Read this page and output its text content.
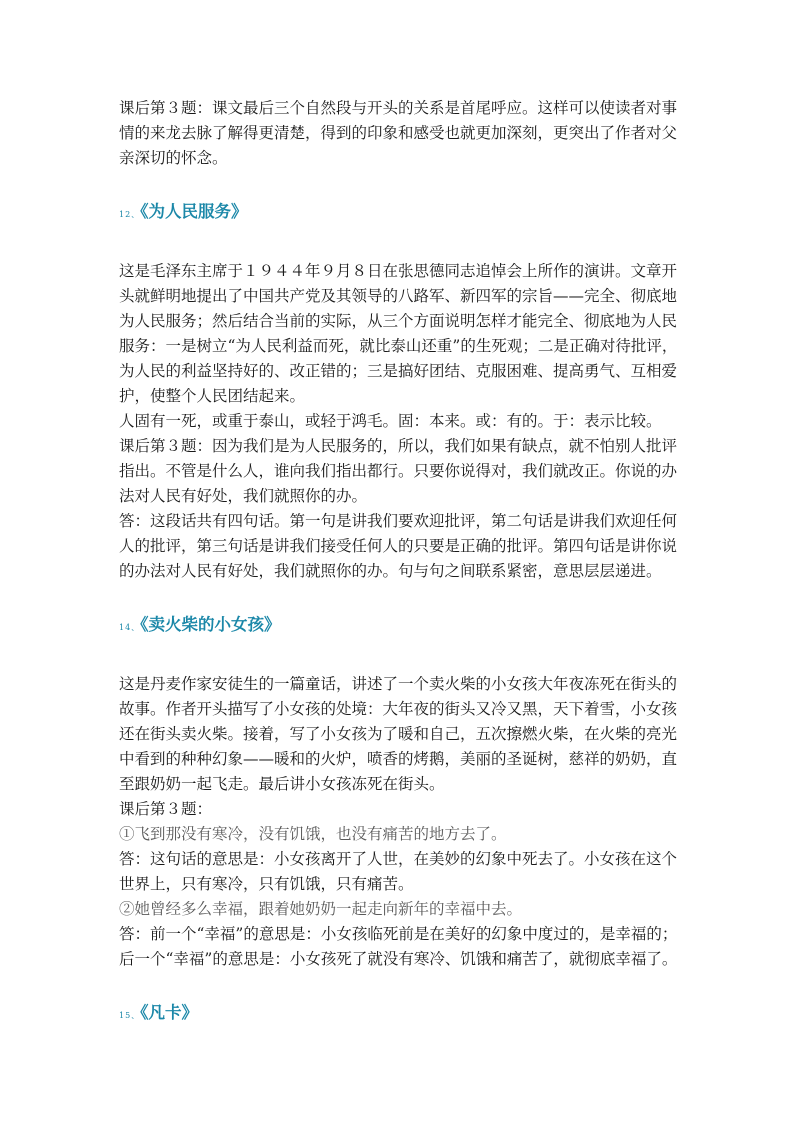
课后第３题：课文最后三个自然段与开头的关系是首尾呼应。这样可以使读者对事情的来龙去脉了解得更清楚，得到的印象和感受也就更加深刻，更突出了作者对父亲深切的怀念。

12、《为人民服务》

这是毛泽东主席于１９４４年９月８日在张思德同志追悼会上所作的演讲。文章开头就鲜明地提出了中国共产党及其领导的八路军、新四军的宗旨——完全、彻底地为人民服务；然后结合当前的实际，从三个方面说明怎样才能完全、彻底地为人民服务：一是树立“为人民利益而死，就比泰山还重”的生死观；二是正确对待批评，为人民的利益坚持好的、改正错的；三是搞好团结、克服困难、提高勇气、互相爱护，使整个人民团结起来。

人固有一死，或重于泰山，或轻于鸿毛。固：本来。或：有的。于：表示比较。

课后第３题：因为我们是为人民服务的，所以，我们如果有缺点，就不怕别人批评指出。不管是什么人，谁向我们指出都行。只要你说得对，我们就改正。你说的办法对人民有好处，我们就照你的办。

答：这段话共有四句话。第一句是讲我们要欢迎批评，第二句话是讲我们欢迎任何人的批评，第三句话是讲我们接受任何人的只要是正确的批评。第四句话是讲你说的办法对人民有好处，我们就照你的办。句与句之间联系紧密，意思层层递进。

14、《卖火柴的小女孩》

这是丹麦作家安徒生的一篇童话，讲述了一个卖火柴的小女孩大年夜冻死在街头的故事。作者开头描写了小女孩的处境：大年夜的街头又冷又黑，天下着雪，小女孩还在街头卖火柴。接着，写了小女孩为了暖和自己，五次擦燃火柴，在火柴的亮光中看到的种种幻象——暖和的火炉，喷香的烤鹅，美丽的圣诞树，慈祥的奶奶，直至跟奶奶一起飞走。最后讲小女孩冻死在街头。

课后第３题：

①飞到那没有寒冷，没有饥饿，也没有痛苦的地方去了。

答：这句话的意思是：小女孩离开了人世，在美妙的幻象中死去了。小女孩在这个世界上，只有寒冷，只有饥饿，只有痛苦。

②她曾经多么幸福，跟着她奶奶一起走向新年的幸福中去。

答：前一个“幸福”的意思是：小女孩临死前是在美好的幻象中度过的，是幸福的；后一个“幸福”的意思是：小女孩死了就没有寒冷、饥饿和痛苦了，就彻底幸福了。

15、《凡卡》
